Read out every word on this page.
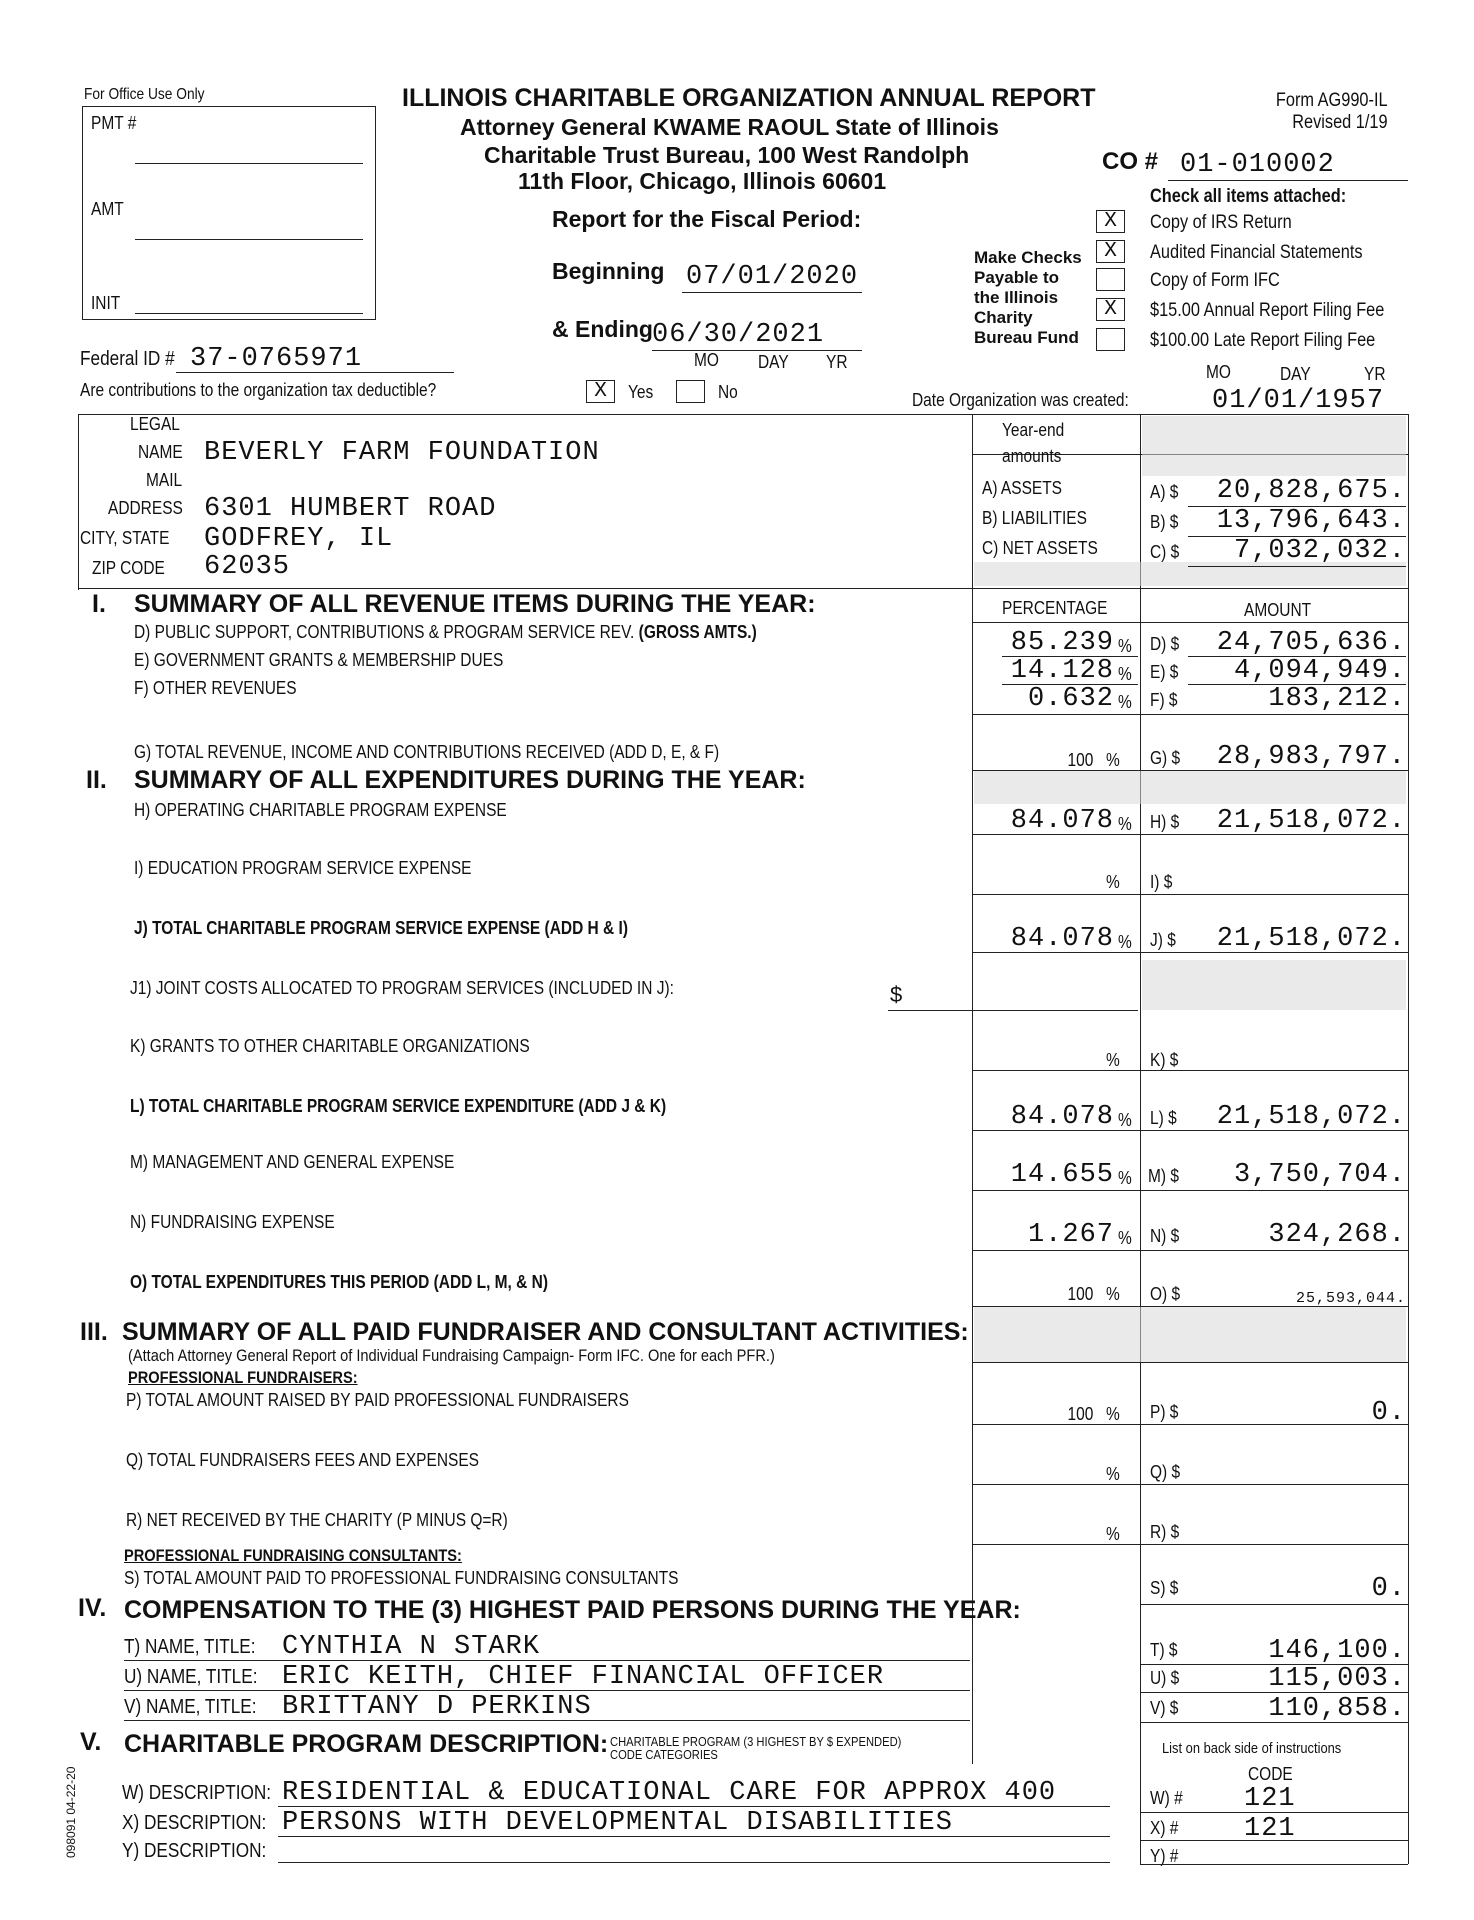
For Office Use Only
PMT #
AMT
INIT
ILLINOIS CHARITABLE ORGANIZATION ANNUAL REPORT
Attorney General KWAME RAOUL State of Illinois
Charitable Trust Bureau, 100 West Randolph
11th Floor, Chicago, Illinois 60601
Report for the Fiscal Period:
Beginning 07/01/2020
& Ending 06/30/2021
MO DAY YR
Form AG990-IL
Revised 1/19
CO # 01-010002
Check all items attached:
Make Checks
Payable to
the Illinois
Charity
Bureau Fund
X	Copy of IRS Return
X	Audited Financial Statements
Copy of Form IFC
X	$15.00 Annual Report Filing Fee
$100.00 Late Report Filing Fee
Federal ID # 37-0765971
Are contributions to the organization tax deductible?	X	Yes	No
MO	DAY	YR
Date Organization was created:	01/01/1957
LEGAL
NAME BEVERLY FARM FOUNDATION
MAIL
ADDRESS 6301 HUMBERT ROAD
CITY, STATE GODFREY, IL
ZIP CODE 62035
Year-end
amounts
A) ASSETS	A) $	20,828,675.
B) LIABILITIES	B) $	13,796,643.
C) NET ASSETS	C) $	7,032,032.
I. SUMMARY OF ALL REVENUE ITEMS DURING THE YEAR:	PERCENTAGE	AMOUNT
D) PUBLIC SUPPORT, CONTRIBUTIONS & PROGRAM SERVICE REV. (GROSS AMTS.)	85.239 % D) $	24,705,636.
E) GOVERNMENT GRANTS & MEMBERSHIP DUES	14.128 % E) $	4,094,949.
F) OTHER REVENUES	0.632 % F) $	183,212.
G) TOTAL REVENUE, INCOME AND CONTRIBUTIONS RECEIVED (ADD D, E, & F)	100 % G) $	28,983,797.
II. SUMMARY OF ALL EXPENDITURES DURING THE YEAR:
H) OPERATING CHARITABLE PROGRAM EXPENSE	84.078 % H) $	21,518,072.
I) EDUCATION PROGRAM SERVICE EXPENSE
% I) $
J) TOTAL CHARITABLE PROGRAM SERVICE EXPENSE (ADD H & I)	84.078 % J) $	21,518,072.
J1) JOINT COSTS ALLOCATED TO PROGRAM SERVICES (INCLUDED IN J):	$
K) GRANTS TO OTHER CHARITABLE ORGANIZATIONS
% K) $
L) TOTAL CHARITABLE PROGRAM SERVICE EXPENDITURE (ADD J & K)	84.078 % L) $	21,518,072.
M) MANAGEMENT AND GENERAL EXPENSE	14.655 % M) $	3,750,704.
N) FUNDRAISING EXPENSE	1.267 % N) $	324,268.
O) TOTAL EXPENDITURES THIS PERIOD (ADD L, M, & N)
100 % O) $	25,593,044.
III. SUMMARY OF ALL PAID FUNDRAISER AND CONSULTANT ACTIVITIES:
(Attach Attorney General Report of Individual Fundraising Campaign- Form IFC. One for each PFR.)
PROFESSIONAL FUNDRAISERS:
P) TOTAL AMOUNT RAISED BY PAID PROFESSIONAL FUNDRAISERS
100 % P) $	0.
Q) TOTAL FUNDRAISERS FEES AND EXPENSES
% Q) $
R) NET RECEIVED BY THE CHARITY (P MINUS Q=R)
% R) $
PROFESSIONAL FUNDRAISING CONSULTANTS:
S) TOTAL AMOUNT PAID TO PROFESSIONAL FUNDRAISING CONSULTANTS	S) $	0.
IV. COMPENSATION TO THE (3) HIGHEST PAID PERSONS DURING THE YEAR:
T) NAME, TITLE: CYNTHIA N STARK	T) $	146,100.
U) NAME, TITLE: ERIC KEITH, CHIEF FINANCIAL OFFICER	U) $	115,003.
V) NAME, TITLE: BRITTANY D PERKINS	V) $	110,858.
V. CHARITABLE PROGRAM DESCRIPTION: CHARITABLE PROGRAM (3 HIGHEST BY $ EXPENDED)
CODE CATEGORIES	List on back side of instructions
CODE
098091 04-22-20 W) DESCRIPTION: RESIDENTIAL & EDUCATIONAL CARE FOR APPROX 400	W) # 121
X) DESCRIPTION: PERSONS WITH DEVELOPMENTAL DISABILITIES	X) # 121
Y) DESCRIPTION:	Y) #
